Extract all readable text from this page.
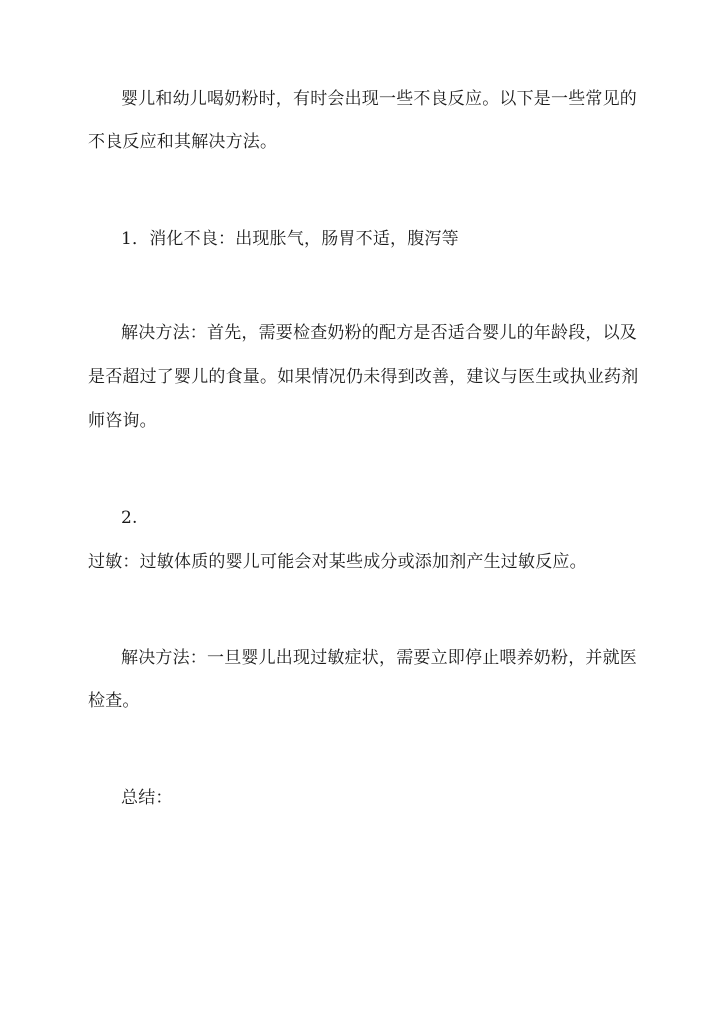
婴儿和幼儿喝奶粉时，有时会出现一些不良反应。以下是一些常见的
不良反应和其解决方法。
1．消化不良：出现胀气，肠胃不适，腹泻等
解决方法：首先，需要检查奶粉的配方是否适合婴儿的年龄段，以及
是否超过了婴儿的食量。如果情况仍未得到改善，建议与医生或执业药剂
师咨询。
2.
过敏：过敏体质的婴儿可能会对某些成分或添加剂产生过敏反应。
解决方法：一旦婴儿出现过敏症状，需要立即停止喂养奶粉，并就医
检查。
总结：
